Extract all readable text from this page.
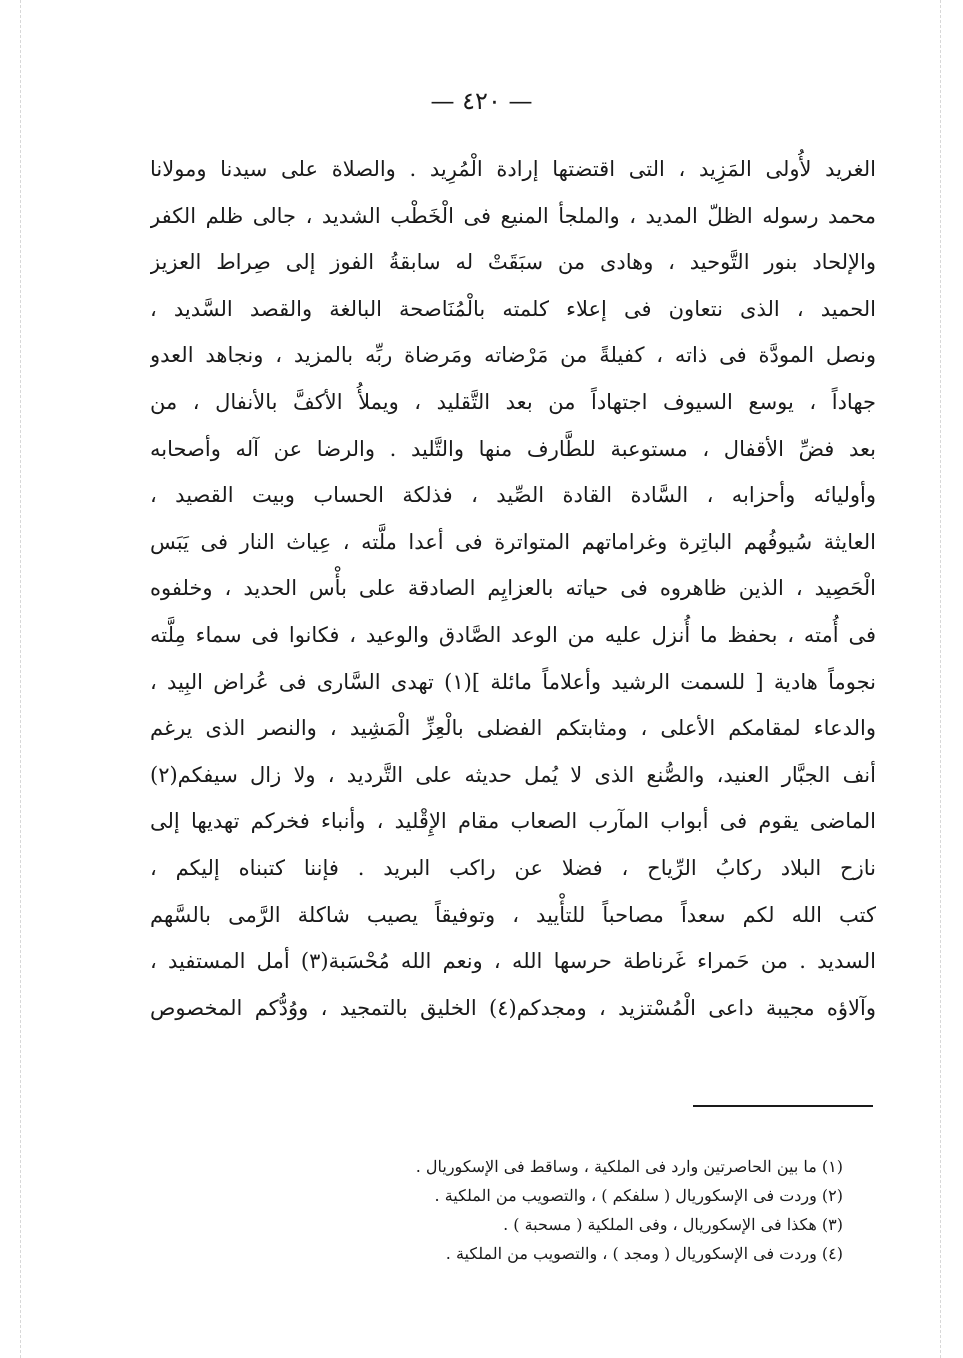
— ٤٢٠ —
الغريد لأُولى المَزِيد ، التى اقتضتها إرادة الْمُرِيد . والصلاة على سيدنا ومولانا
محمد رسوله الظلّ المديد ، والملجأ المنيع فى الْخَطْب الشديد ، جالى ظلم الكفر
والإلحاد بنور التَّوحيد ، وهادى من سبَقَتْ له سابقةُ الفوز إلى صِراط العزيز
الحميد ، الذى نتعاون فى إعلاء كلمته بالْمُنَاصحة البالغة والقصد السَّديد ،
ونصل المودَّة فى ذاته ، كفيلةً من مَرْضاته ومَرضاة ربِّه بالمزيد ، ونجاهد العدو
جهاداً ، يوسع السيوف اجتهاداً من بعد التَّقليد ، ويملأُ الأكفَّ بالأنفال ، من
بعد فضِّ الأقفال ، مستوعبة للطَّارف منها والتَّليد . والرضا عن آله وأصحابه
وأوليائه وأحزابه ، السَّادة القادة الصِّيد ، فذلكة الحساب وبيت القصيد ،
العايثة سُيوفُهم الباتِرة وغراماتهم المتواترة فى أعدا ملَّته ، عِياث النار فى يَبَس
الْحَصِيد ، الذين ظاهروه فى حياته بالعزايِم الصادقة على بأْس الحديد ، وخلفوه
فى أُمته ، بحفظ ما أُنزل عليه من الوعد الصَّادق والوعيد ، فكانوا فى سماء مِلَّته
نجوماً هادية [ للسمت الرشيد وأعلاماً مائلة ](١) تهدى السَّارى فى عُراض البِيد ،
والدعاء لمقامكم الأعلى ، ومثابتكم الفضلى بالْعِزِّ الْمَشِيد ، والنصر الذى يرغم
أنف الجبَّار العنيد، والصُّنع الذى لا يُمل حديثه على التَّرديد ، ولا زال سيفكم(٢)
الماضى يقوم فى أبواب المآرب الصعاب مقام الإِقْليد ، وأنباء فخركم تهديها إلى
نازح البلاد ركابُ الرِّياح ، فضلا عن راكب البريد . فإننا كتبناه إليكم ،
كتب الله لكم سعداً مصاحباً للتأْييد ، وتوفيقاً يصيب شاكلة الرَّمى بالسَّهم
السديد . من حَمراء غَرناطة حرسها الله ، ونعم الله مُحْسَبة(٣) أمل المستفيد ،
وآلاؤه مجيبة داعى الْمُسْتزيد ، ومجدكم(٤) الخليق بالتمجيد ، ووُدُّكم المخصوص
(١) ما بين الحاصرتين وارد فى الملكية ، وساقط فى الإسكوريال .
(٢) وردت فى الإسكوريال ( سلفكم ) ، والتصويب من الملكية .
(٣) هكذا فى الإسكوريال ، وفى الملكية ( مسحبة ) .
(٤) وردت فى الإسكوريال ( ومجد ) ، والتصويب من الملكية .
